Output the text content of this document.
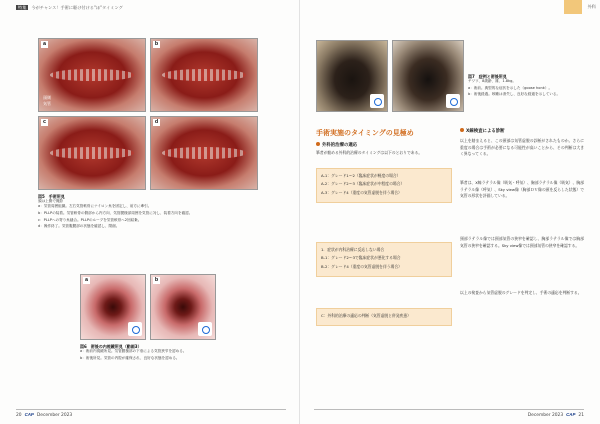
特集 今がチャンス！手術に駆け付ける"ほ"タイミング
a
気管
頭側
b
c	d
図5　手術所見
頭は上側で撮影
a：気管周囲組織。左右気管軟骨にナイロン糸を固定し、前方に牽引。
b：PLLPの装着。気管軟骨の側部から内方向、気管膜様部周囲を気管に対し、装着方向を確認。
c：PLLPへの寄り糸縫合。PLLPのループを気管軟骨へ2回結紮。
d：操作終了。気管腹膜部の状態を確認し、閉創。
a	b
図6　術後の内視鏡所見（動画3）
a：術前内視鏡所見。気管膜様部の下垂による気管狭窄を認める。
b：術後所見。気管の内腔が確保され、良好な状態を認める。
20 CAP December 2023
外科
図7　症例と術後所見
チワワ、8歳齢、雄、1.8kg。
a：術前。典型的な症状を示した（goose honk）。
b：術後経過。咳嗽は消失し、良好な経過を示している。
手術実施のタイミングの見極め
外科的治療の適応
筆者が勧める外科的治療のタイミングは以下のとおりである。

A-1：グレード1～2（臨床症状が軽度の場合）

A-2：グレード2～3（臨床症状が中程度の場合）

A-3：グレード4（重度の気管虚脱を伴う場合）

1．症状が内科治療に反応しない場合

B-1：グレード2～3で臨床症状が悪化する場合

B-2：グレード4（重度の気管虚脱を伴う場合）

C：外科的治療の適応の判断（気管虚脱と併発疾患）

X線検査による診断
以上を踏まえると、この頸部は気管虚脱の診断がされたものか。さらに重度の場合は手術が必要になる可能性が高いことから、その判断は大きく異なってくる。
筆者は、X線ラテラル像（吸気・呼気）、胸部ラテラル像（吸気）、胸部ラテラル像（呼気）、Sky view像（胸部ＤＶ像の頸を反らした状態）で気管の形状を評価している。
頸部ラテラル像では頸部気管の狭窄を確認し、胸部ラテラル像では胸部気管の狭窄を確認する。Sky view像では頸部気管の狭窄を確認する。
以上の検査から気管虚脱のグレードを判定し、手術の適応を判断する。
December 2023 CAP 21
